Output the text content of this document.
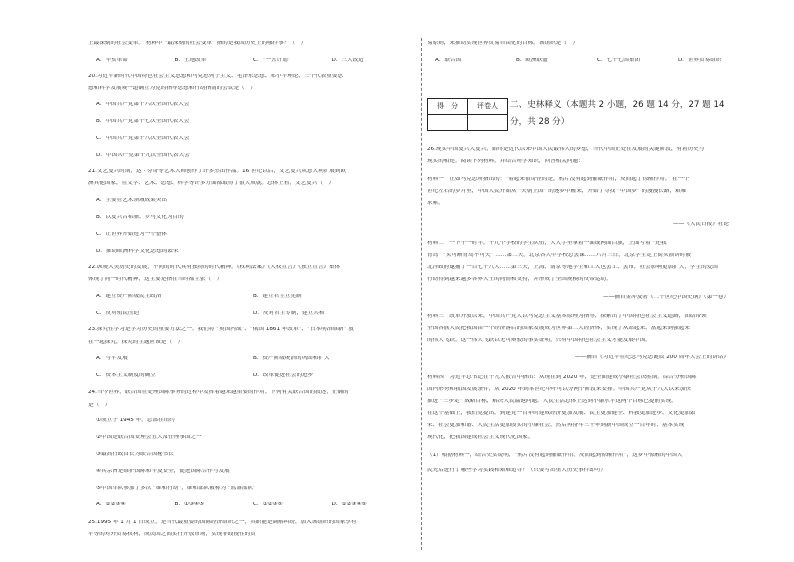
上最深刻的社会变革。” 材料中 “最深刻的社会变革” 指的是我国历史上的哪件事？（　）
A．辛亥革命	B．土地改革	C．“一五计划”	D．三大改造
20.习近平新时代中国特色社会主义思想和马克思列宁主义、毛泽东思想、邓小平理论、三个代表重要思
想和科学发展观一道确立为党的指导思想和行动指南的会议是（　）
A．中国共产党第十六次全国代表大会
B．中国共产党第十七次全国代表大会
C．中国共产党第十八次全国代表大会
D．中国共产党第十九次全国代表大会
21.文艺复兴时期，达 · 芬奇等艺术大师创作了许多杰出作品。16 世纪以后，文艺复兴从意大利扩展到欧
洲其他国家，在文学、艺术、思想、科学等许多方面都取得了很大成就。总体上看，文艺复兴（　）
A．主要在艺术领域成果突出
B．以复兴古希腊、罗马文化为目的
C．让世界开始连为一个整体
D．推动欧洲科学文化思想的繁荣
22.纵观人类历史的发展，不同的时代具有独特的时代精神。《权利法案》《人权宣言》《独立宣言》集体
体现了同一时代精神，这主要是指在当时都主张（　）
A．建立资产阶级民主政治	B．建立君主立宪制
C．反对殖民压迫	D．反对君主专制，建立共和
23.探究性学习是学习历史的重要方法之一。我们将 “英国内战”、“俄国 1861 年改革”、“日本明治维新” 放
在一起探究，探究的主题应该是（　）
A．与平发展	B．资产阶级统治的巩固和扩大
C．资本主义制度的确立	D．改革促进社会的进步
24.当今世界，联合国在处理国际事务的过程中发挥着越来越重要的作用。下列有关联合国的叙述，正确的
是（　）
①成立于 1945 年，总部在纽约
②中国是联合国安理会五大常任理事国之一
③最高行政首长为联合国秘书长
④其宗旨是维护国际和平及安全，促进国际合作与发展
⑤中国军队参加了多次 “维和行动”，维和部队被称为 “蓝盔部队”
A．①②③④	B．①③④⑤	C．①②③⑤	D．①②③④⑤
25.1995 年 1 月 1 日成立，是当代最重要的国际经济组织之一，其职能是调解纠纷，加入该组织的国家享有
平等的对外贸易权利，成员国之间实行开放市场，实现非歧视性的贸
得　分	评卷人
	二、史林释义（本题共 2 小题，26 题 14 分，27 题 14
分，共 28 分）
易原则，来推动实现世界贸易自由化的目标。该组织是（　）
A．联合国	B．欧洲联盟	C．七十七国集团	D．世界贸易组织
26.现实中国复兴大复兴，始终是近代以来中国人民最伟大的梦想，当代中国正处在发展的关键阶段，有着历史与
现实的相连。阅读下列材料，并结合所学知识，回答相关问题：
材料一　正如马克思所指出的：“着起来很奇怪的是，鸦片没有起到催眠作用，反而起了惊醒作用。” 在一个
世纪左右的岁月里，中国人民开始从 “天朝上国” 的迷梦中醒来，开始了寻找 “中国梦” 的漫漫长路，艰难
求索。
——《人民日报》社论
材料二　一下午一时半，十几个学校的学生队伍，人人手里拿着一面或两面白旗，上面写着 “还我
青岛” “头可断青岛不可失” ……第二天，北京各大中学校总罢课……六月三日，北京学生走上街头演讲时被
北洋政府逮捕了一百七十八人……第三天，上海、南京等地学生和工人也罢工、罢市，社会影响更加扩大，学生的爱国
行动得到越来越多各界人士的同情和支持，并形成了全国规模的反帝运动。
——摘自金冲及著《二十世纪中国史纲》（第一卷）
材料三　改革开放以来，中国共产党人以马克思主义基本原理为指导，探索出了中国特色社会主义道路，团结带领
全国各族人民把我国由一个经济落后的国家发展成为世界第二大经济体，实现了从站起来、富起来到强起来
的伟大飞跃。这一伟大飞跃以无可辩驳的事实证明，只有中国特色社会主义才能发展中国。
——摘自《习近平在纪念马克思诞辰 200 周年大会上的讲话》
材料四　习近平总书记在十九大报告中指出：从现在到 2020 年，是全面建成小康社会决胜期。综合分析国际
国内形势和我国发展条件，从 2020 年到本世纪中叶可以分两个阶段来安排。中国共产党从十八大以来加快
推进 “三步走” 战略目标，解决人民温饱问题、人民生活总体上达到小康水平这两个目标已提前实现。
在这个基础上，我们党提出，到建党一百年时建成经济更加发展、民主更加健全、科教更加进步、文化更加繁
荣、社会更加和谐、人民生活更加殷实的小康社会，然后再奋斗三十年到新中国成立一百年时，基本实现
现代化，把我国建成社会主义现代化国家。
（1）根据材料一，结合史实说明，“鸦片没有起到催眠作用，反而起到惊醒作用”，这梦中惊醒的中国人
民先后进行了哪些学习实践和艰难追寻？（只要写出重大历史事件即可）
